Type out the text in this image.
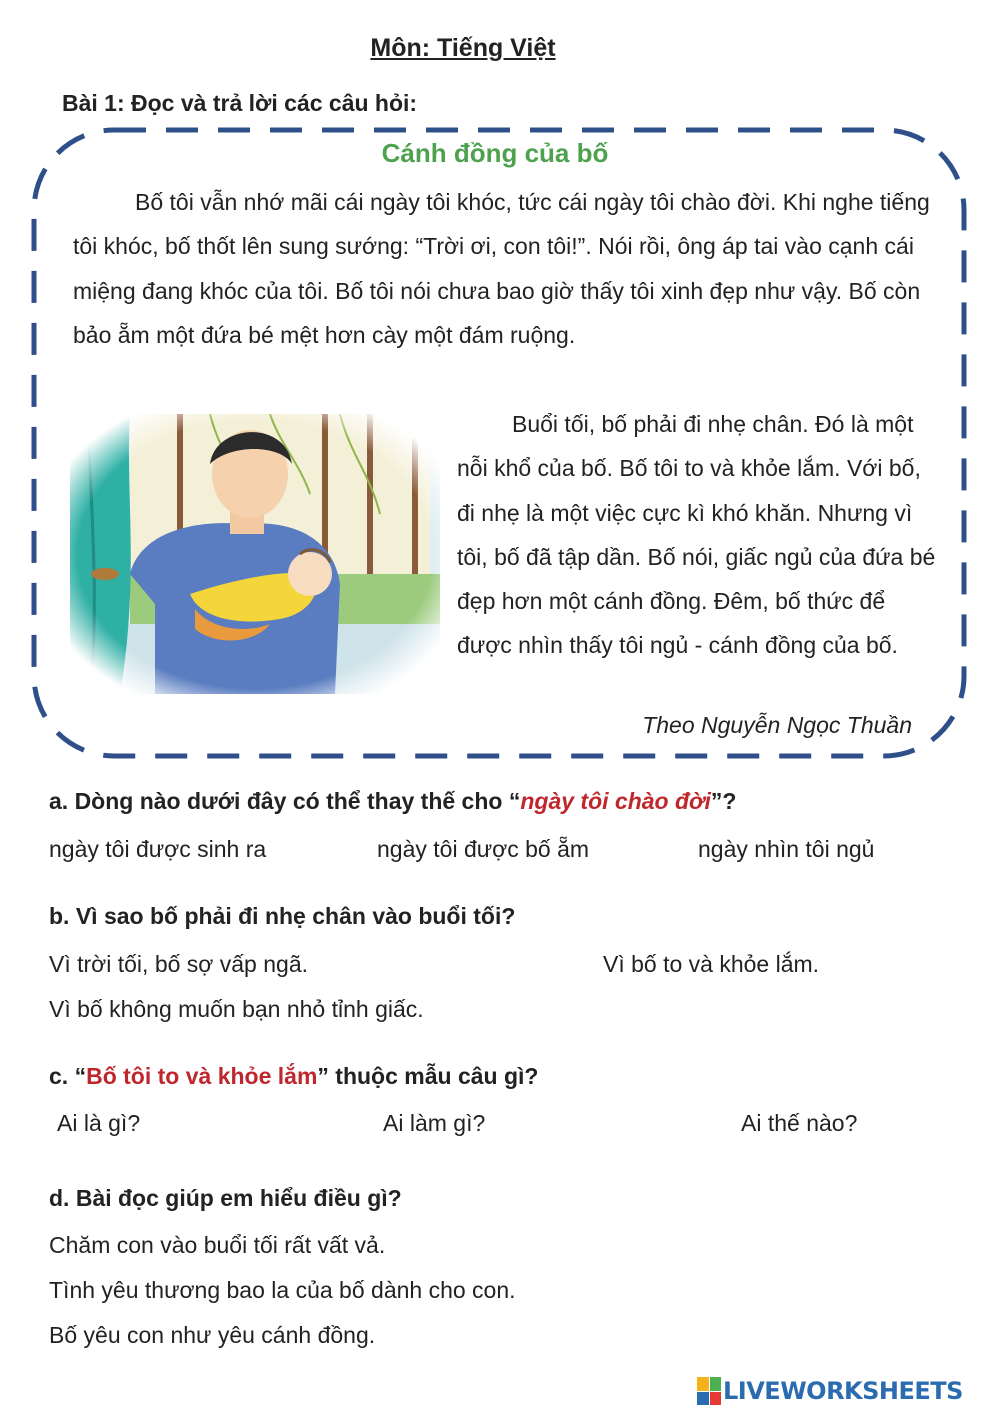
Môn: Tiếng Việt
Bài 1: Đọc và trả lời các câu hỏi:
Cánh đồng của bố
Bố tôi vẫn nhớ mãi cái ngày tôi khóc, tức cái ngày tôi chào đời. Khi nghe tiếng tôi khóc, bố thốt lên sung sướng: “Trời ơi, con tôi!”. Nói rồi, ông áp tai vào cạnh cái miệng đang khóc của tôi. Bố tôi nói chưa bao giờ thấy tôi xinh đẹp như vậy. Bố còn bảo ẵm một đứa bé mệt hơn cày một đám ruộng.
Buổi tối, bố phải đi nhẹ chân. Đó là một nỗi khổ của bố. Bố tôi to và khỏe lắm. Với bố, đi nhẹ là một việc cực kì khó khăn. Nhưng vì tôi, bố đã tập dần. Bố nói, giấc ngủ của đứa bé đẹp hơn một cánh đồng. Đêm, bố thức để được nhìn thấy tôi ngủ - cánh đồng của bố.
Theo Nguyễn Ngọc Thuần
a. Dòng nào dưới đây có thể thay thế cho “ngày tôi chào đời”?
ngày tôi được sinh ra	ngày tôi được bố ẵm	ngày nhìn tôi ngủ
b. Vì sao bố phải đi nhẹ chân vào buổi tối?
Vì trời tối, bố sợ vấp ngã.	Vì bố to và khỏe lắm.
Vì bố không muốn bạn nhỏ tỉnh giấc.
c. “Bố tôi to và khỏe lắm” thuộc mẫu câu gì?
Ai là gì?	Ai làm gì?	Ai thế nào?
d. Bài đọc giúp em hiểu điều gì?
Chăm con vào buổi tối rất vất vả.
Tình yêu thương bao la của bố dành cho con.
Bố yêu con như yêu cánh đồng.
LIVEWORKSHEETS
